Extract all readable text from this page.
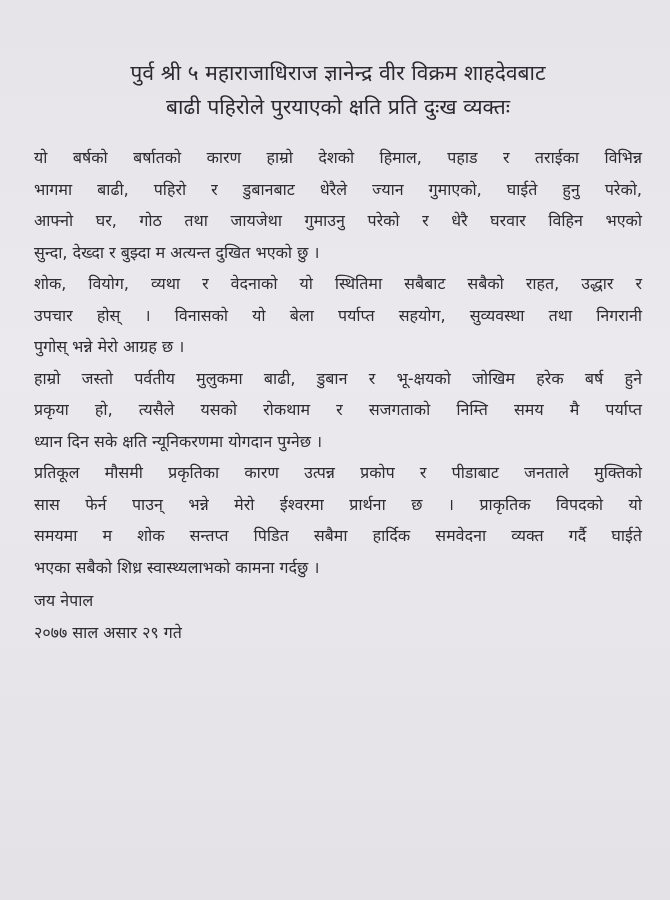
पुर्व श्री ५ महाराजाधिराज ज्ञानेन्द्र वीर विक्रम शाहदेवबाट
बाढी पहिरोले पुरयाएको क्षति प्रति दुःख व्यक्तः
यो बर्षको बर्षातको कारण हाम्रो देशको हिमाल, पहाड र तराईका विभिन्न
भागमा बाढी, पहिरो र डुबानबाट धेरैले ज्यान गुमाएको, घाईते हुनु परेको,
आफ्नो घर, गोठ तथा जायजेथा गुमाउनु परेको र धेरै घरवार विहिन भएको
सुन्दा, देख्दा र बुझ्दा म अत्यन्त दुखित भएको छु ।
शोक, वियोग, व्यथा र वेदनाको यो स्थितिमा सबैबाट सबैको राहत, उद्धार र
उपचार होस् । विनासको यो बेला पर्याप्त सहयोग, सुव्यवस्था तथा निगरानी
पुगोस् भन्ने मेरो आग्रह छ ।
हाम्रो जस्तो पर्वतीय मुलुकमा बाढी, डुबान र भू-क्षयको जोखिम हरेक बर्ष हुने
प्रकृया हो, त्यसैले यसको रोकथाम र सजगताको निम्ति समय मै पर्याप्त
ध्यान दिन सके क्षति न्यूनिकरणमा योगदान पुग्नेछ ।
प्रतिकूल मौसमी प्रकृतिका कारण उत्पन्न प्रकोप र पीडाबाट जनताले मुक्तिको
सास फेर्न पाउन् भन्ने मेरो ईश्वरमा प्रार्थना छ । प्राकृतिक विपदको यो
समयमा म शोक सन्तप्त पिडित सबैमा हार्दिक समवेदना व्यक्त गर्दै घाईते
भएका सबैको शिध्र स्वास्थ्यलाभको कामना गर्दछु ।
जय नेपाल
२०७७ साल असार २९ गते
